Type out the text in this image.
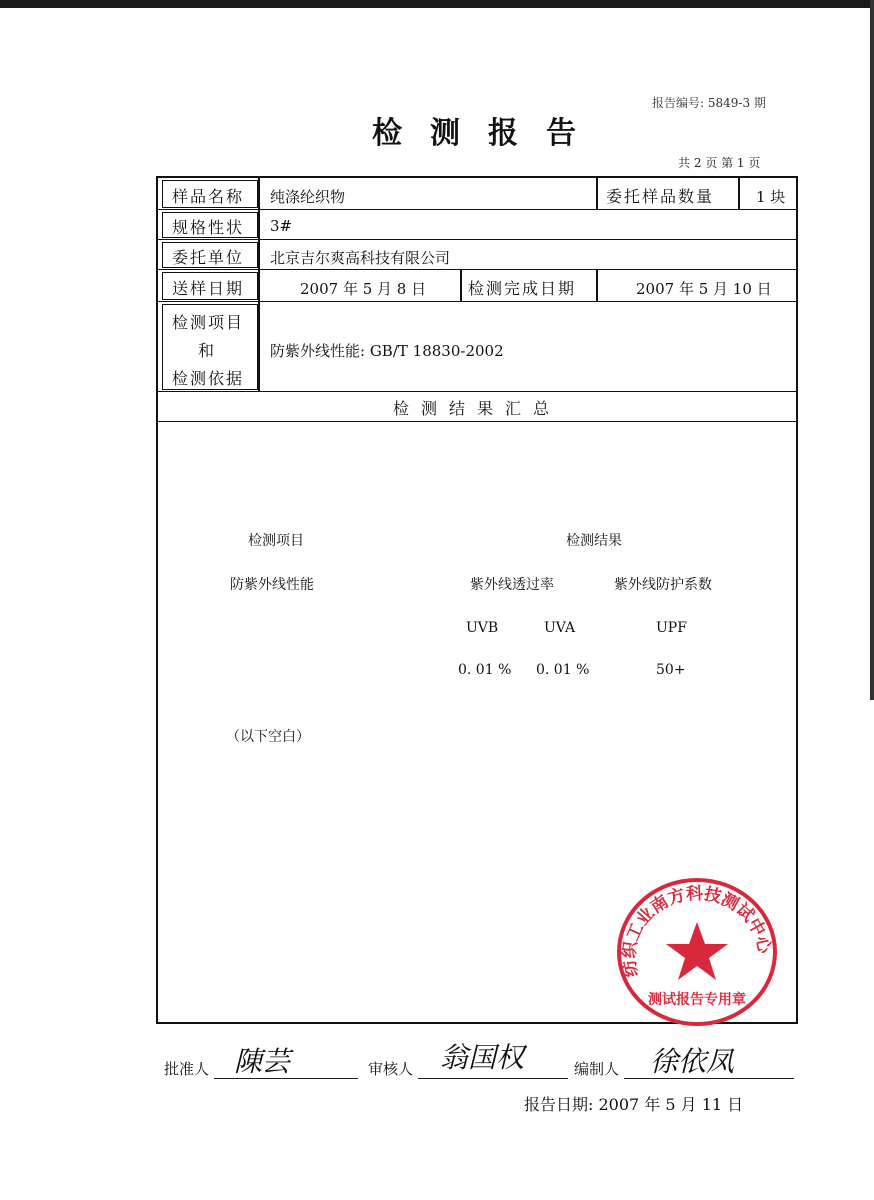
报告编号: 5849-3 期
检测报告
共 2 页 第 1 页
样品名称 纯涤纶织物	委托样品数量	1 块
规格性状 3#
委托单位 北京吉尔爽高科技有限公司
送样日期	2007 年 5 月 8 日	检测完成日期	2007 年 5 月 10 日
检测项目
和
检测依据
防紫外线性能: GB/T 18830-2002
检测结果汇总
检测项目	检测结果
防紫外线性能	紫外线透过率	紫外线防护系数
UVB	UVA	UPF
0. 01 % 0. 01 %	50+
（以下空白）
纺织工业南方科技测试中心
测试报告专用章
批准人 陳芸	审核人 翁国权	编制人 徐依凤
报告日期: 2007 年 5 月 11 日
